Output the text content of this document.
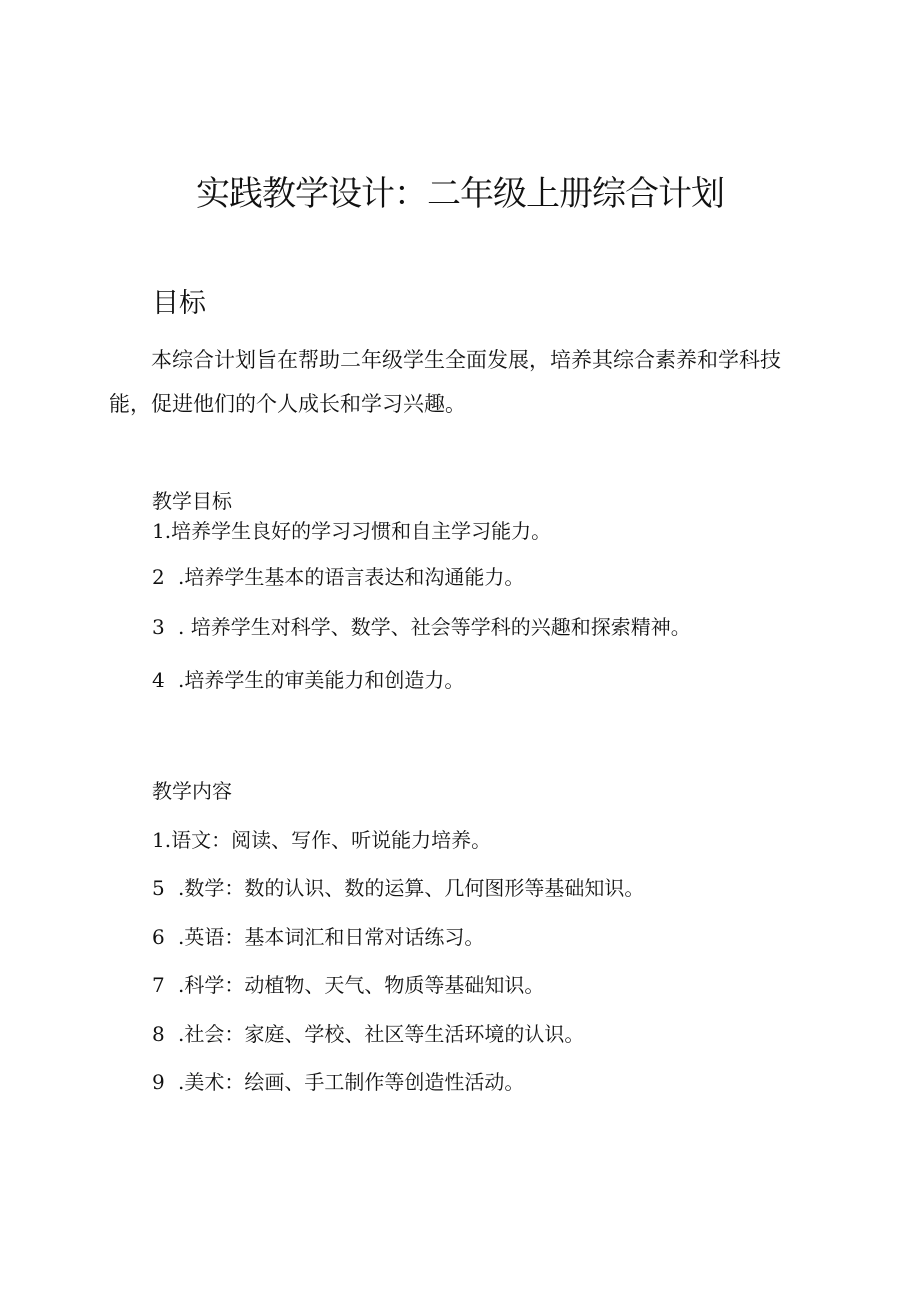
实践教学设计：二年级上册综合计划
目标

本综合计划旨在帮助二年级学生全面发展，培养其综合素养和学科技能，促进他们的个人成长和学习兴趣。

教学目标
1.培养学生良好的学习习惯和自主学习能力。
2 .培养学生基本的语言表达和沟通能力。
3 . 培养学生对科学、数学、社会等学科的兴趣和探索精神。
4 .培养学生的审美能力和创造力。
教学内容
1.语文：阅读、写作、听说能力培养。
5 .数学：数的认识、数的运算、几何图形等基础知识。
6 .英语：基本词汇和日常对话练习。
7 .科学：动植物、天气、物质等基础知识。
8 .社会：家庭、学校、社区等生活环境的认识。
9 .美术：绘画、手工制作等创造性活动。
